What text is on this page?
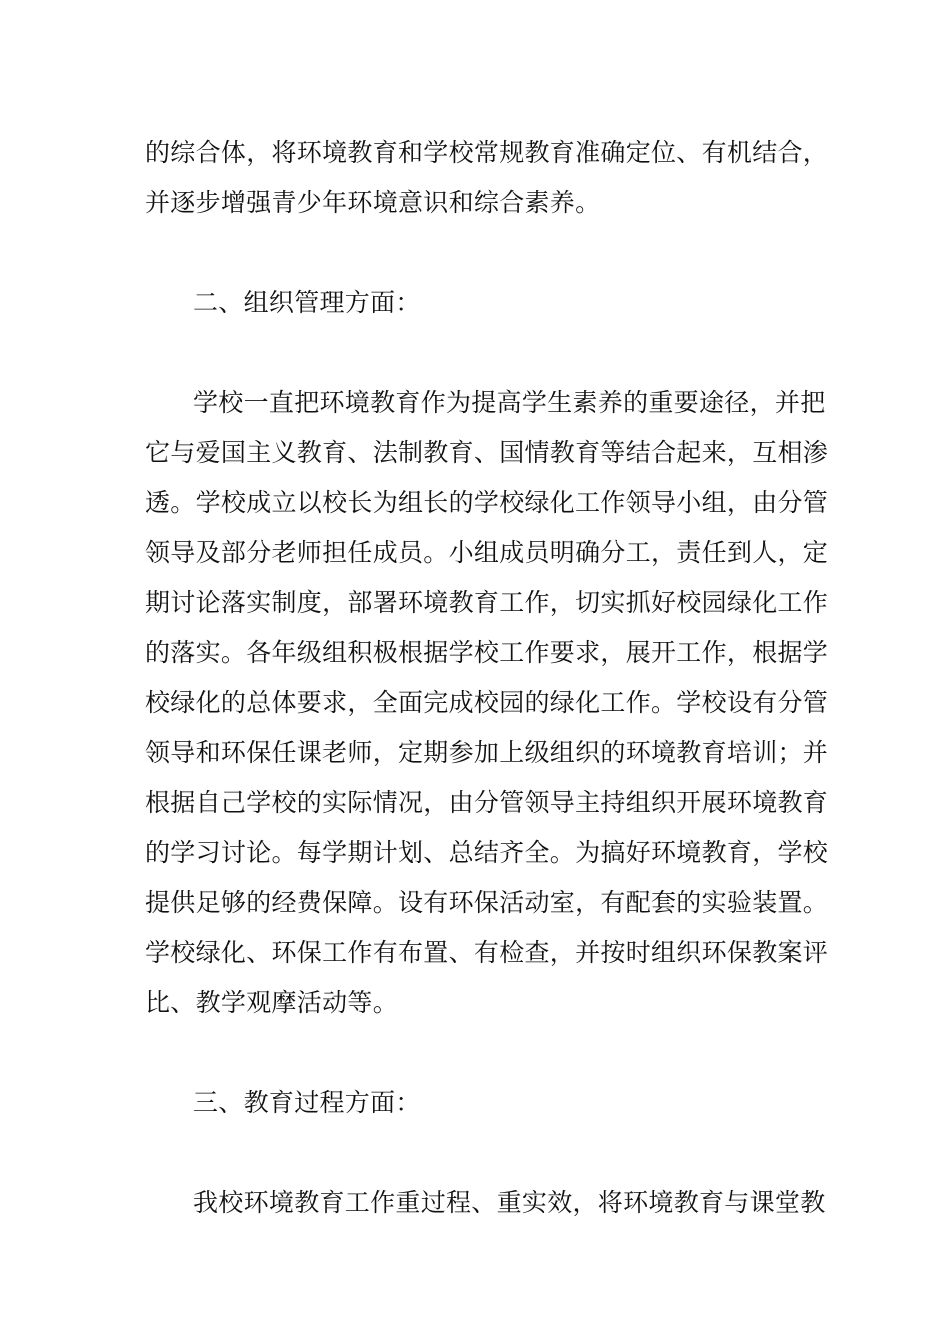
的综合体，将环境教育和学校常规教育准确定位、有机结合，
并逐步增强青少年环境意识和综合素养。
二、组织管理方面：
学校一直把环境教育作为提高学生素养的重要途径，并把
它与爱国主义教育、法制教育、国情教育等结合起来，互相渗
透。学校成立以校长为组长的学校绿化工作领导小组，由分管
领导及部分老师担任成员。小组成员明确分工，责任到人，定
期讨论落实制度，部署环境教育工作，切实抓好校园绿化工作
的落实。各年级组积极根据学校工作要求，展开工作，根据学
校绿化的总体要求，全面完成校园的绿化工作。学校设有分管
领导和环保任课老师，定期参加上级组织的环境教育培训；并
根据自己学校的实际情况，由分管领导主持组织开展环境教育
的学习讨论。每学期计划、总结齐全。为搞好环境教育，学校
提供足够的经费保障。设有环保活动室，有配套的实验装置。
学校绿化、环保工作有布置、有检查，并按时组织环保教案评
比、教学观摩活动等。
三、教育过程方面：
我校环境教育工作重过程、重实效，将环境教育与课堂教
